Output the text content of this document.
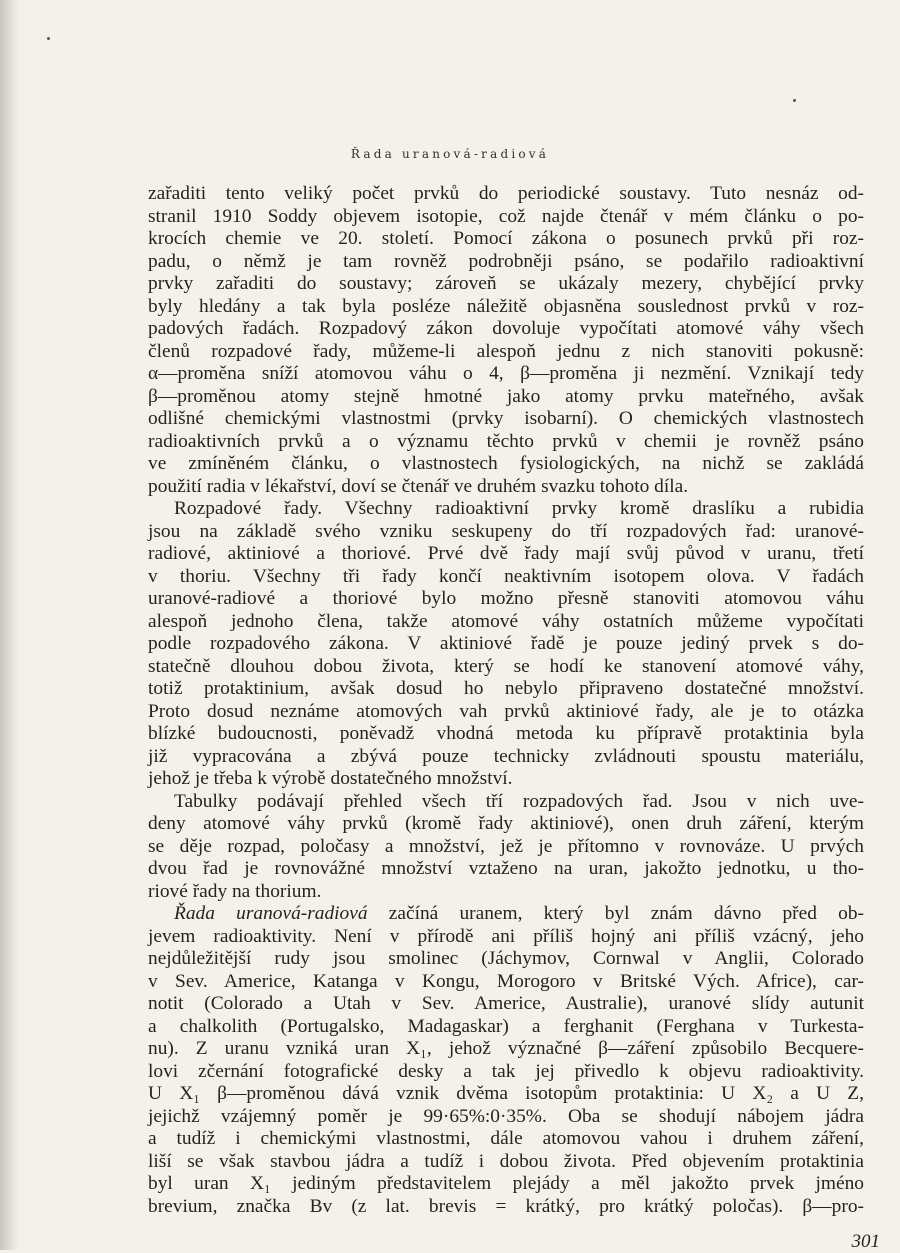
Řada uranová-radiová
zařaditi tento veliký počet prvků do periodické soustavy. Tuto nesnáz od-
stranil 1910 Soddy objevem isotopie, což najde čtenář v mém článku o po-
krocích chemie ve 20. století. Pomocí zákona o posunech prvků při roz-
padu, o němž je tam rovněž podrobněji psáno, se podařilo radioaktivní
prvky zařaditi do soustavy; zároveň se ukázaly mezery, chybějící prvky
byly hledány a tak byla posléze náležitě objasněna souslednost prvků v roz-
padových řadách. Rozpadový zákon dovoluje vypočítati atomové váhy všech
členů rozpadové řady, můžeme-li alespoň jednu z nich stanoviti pokusně:
α—proměna sníží atomovou váhu o 4, β—proměna ji nezmění. Vznikají tedy
β—proměnou atomy stejně hmotné jako atomy prvku mateřného, avšak
odlišné chemickými vlastnostmi (prvky isobarní). O chemických vlastnostech
radioaktivních prvků a o významu těchto prvků v chemii je rovněž psáno
ve zmíněném článku, o vlastnostech fysiologických, na nichž se zakládá
použití radia v lékařství, doví se čtenář ve druhém svazku tohoto díla.
Rozpadové řady. Všechny radioaktivní prvky kromě draslíku a rubidia
jsou na základě svého vzniku seskupeny do tří rozpadových řad: uranové-
radiové, aktiniové a thoriové. Prvé dvě řady mají svůj původ v uranu, třetí
v thoriu. Všechny tři řady končí neaktivním isotopem olova. V řadách
uranové-radiové a thoriové bylo možno přesně stanoviti atomovou váhu
alespoň jednoho člena, takže atomové váhy ostatních můžeme vypočítati
podle rozpadového zákona. V aktiniové řadě je pouze jediný prvek s do-
statečně dlouhou dobou života, který se hodí ke stanovení atomové váhy,
totiž protaktinium, avšak dosud ho nebylo připraveno dostatečné množství.
Proto dosud neznáme atomových vah prvků aktiniové řady, ale je to otázka
blízké budoucnosti, poněvadž vhodná metoda ku přípravě protaktinia byla
již vypracována a zbývá pouze technicky zvládnouti spoustu materiálu,
jehož je třeba k výrobě dostatečného množství.
Tabulky podávají přehled všech tří rozpadových řad. Jsou v nich uve-
deny atomové váhy prvků (kromě řady aktiniové), onen druh záření, kterým
se děje rozpad, poločasy a množství, jež je přítomno v rovnováze. U prvých
dvou řad je rovnovážné množství vztaženo na uran, jakožto jednotku, u tho-
riové řady na thorium.
Řada uranová-radiová začíná uranem, který byl znám dávno před ob-
jevem radioaktivity. Není v přírodě ani příliš hojný ani příliš vzácný, jeho
nejdůležitější rudy jsou smolinec (Jáchymov, Cornwal v Anglii, Colorado
v Sev. Americe, Katanga v Kongu, Morogoro v Britské Vých. Africe), car-
notit (Colorado a Utah v Sev. Americe, Australie), uranové slídy autunit
a chalkolith (Portugalsko, Madagaskar) a ferghanit (Ferghana v Turkesta-
nu). Z uranu vzniká uran X₁, jehož význačné β—záření způsobilo Becquere-
lovi zčernání fotografické desky a tak jej přivedlo k objevu radioaktivity.
U X₁ β—proměnou dává vznik dvěma isotopům protaktinia: U X₂ a U Z,
jejichž vzájemný poměr je 99·65%:0·35%. Oba se shodují nábojem jádra
a tudíž i chemickými vlastnostmi, dále atomovou vahou i druhem záření,
liší se však stavbou jádra a tudíž i dobou života. Před objevením protaktinia
byl uran X₁ jediným představitelem plejády a měl jakožto prvek jméno
brevium, značka Bv (z lat. brevis = krátký, pro krátký poločas). β—pro-
301
